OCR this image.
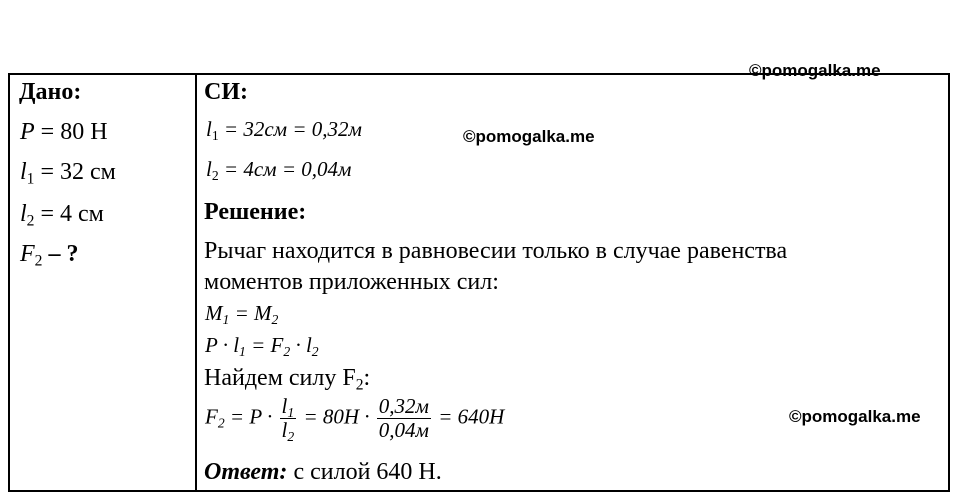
Дано:
P = 80 Н
$l_1 = 32$ см
$l_2 = 4$ см
$F_2$ – ?

СИ:
$l_1 = 32см = 0,32м$
$l_2 = 4см = 0,04м$
Решение:
Рычаг находится в равновесии только в случае равенства
моментов приложенных сил:
$M_1 = M_2$
$P \cdot l_1 = F_2 \cdot l_2$
Найдем силу $F_2$:
$F_2 = P \cdot \frac{l_1}{l_2} = 80Н \cdot \frac{0,32м}{0,04м} = 640Н$
Ответ: с силой 640 Н.
©pomogalka.me
©pomogalka.me
©pomogalka.me
